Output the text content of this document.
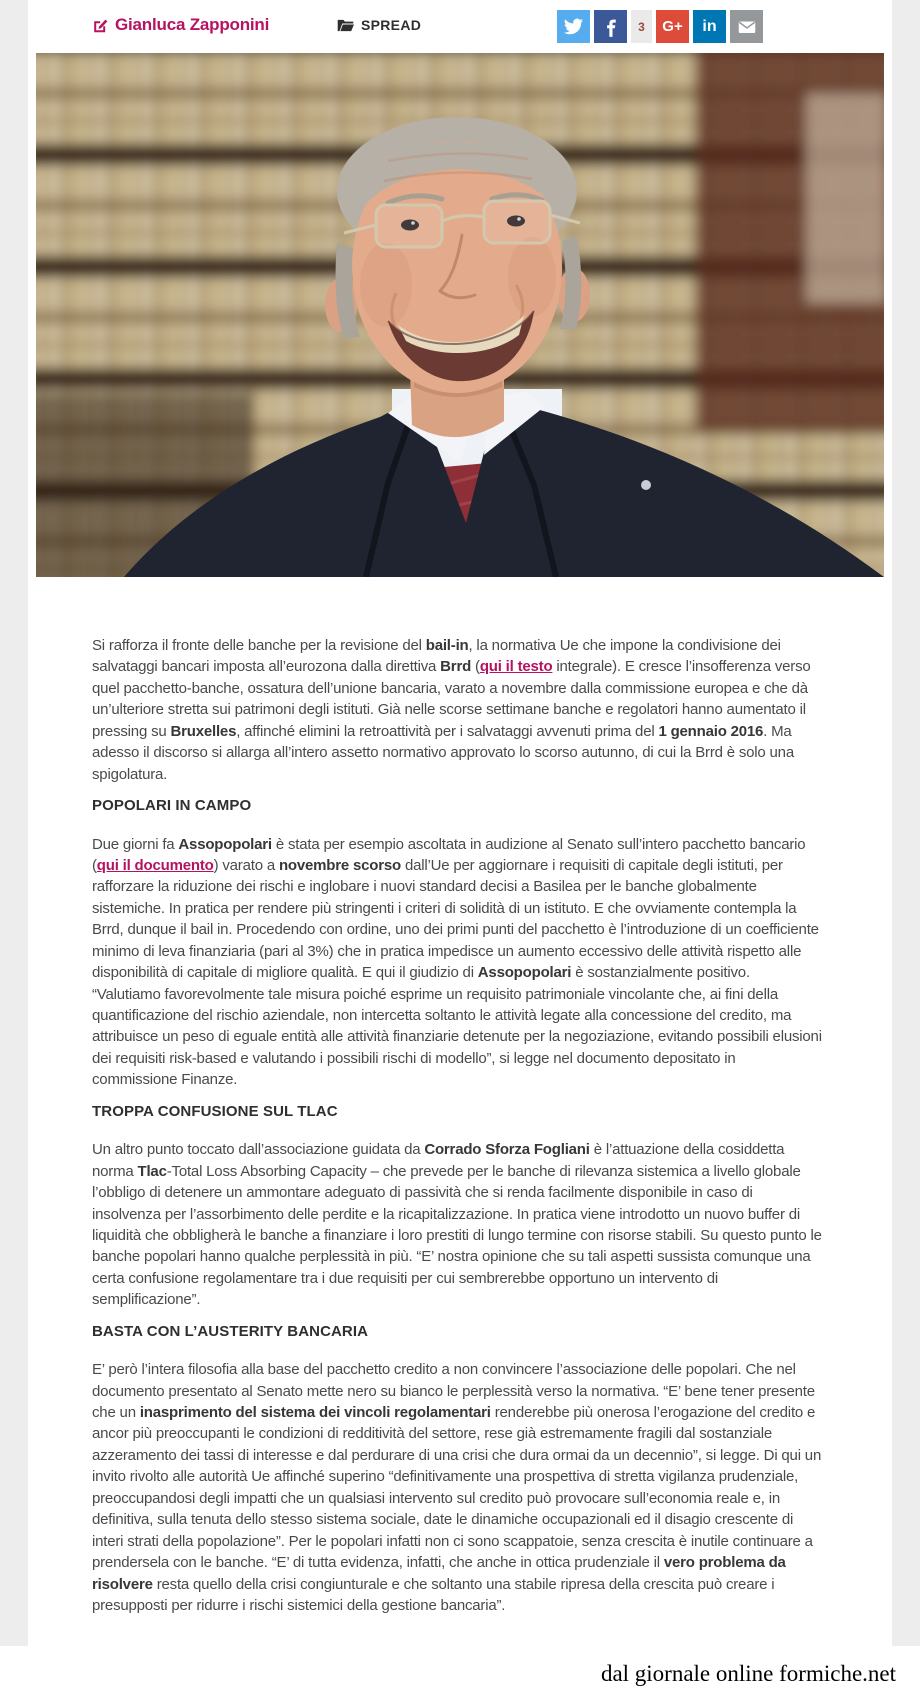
Gianluca Zapponini	SPREAD	3	G+ in

Si rafforza il fronte delle banche per la revisione del bail-in, la normativa Ue che impone la condivisione dei salvataggi bancari imposta all’eurozona dalla direttiva Brrd (qui il testo integrale). E cresce l’insofferenza verso quel pacchetto-banche, ossatura dell’unione bancaria, varato a novembre dalla commissione europea e che dà un’ulteriore stretta sui patrimoni degli istituti. Già nelle scorse settimane banche e regolatori hanno aumentato il pressing su Bruxelles, affinché elimini la retroattività per i salvataggi avvenuti prima del 1 gennaio 2016. Ma adesso il discorso si allarga all’intero assetto normativo approvato lo scorso autunno, di cui la Brrd è solo una spigolatura.

POPOLARI IN CAMPO

Due giorni fa Assopopolari è stata per esempio ascoltata in audizione al Senato sull’intero pacchetto bancario (qui il documento) varato a novembre scorso dall’Ue per aggiornare i requisiti di capitale degli istituti, per rafforzare la riduzione dei rischi e inglobare i nuovi standard decisi a Basilea per le banche globalmente sistemiche. In pratica per rendere più stringenti i criteri di solidità di un istituto. E che ovviamente contempla la Brrd, dunque il bail in. Procedendo con ordine, uno dei primi punti del pacchetto è l’introduzione di un coefficiente minimo di leva finanziaria (pari al 3%) che in pratica impedisce un aumento eccessivo delle attività rispetto alle disponibilità di capitale di migliore qualità. E qui il giudizio di Assopopolari è sostanzialmente positivo. “Valutiamo favorevolmente tale misura poiché esprime un requisito patrimoniale vincolante che, ai fini della quantificazione del rischio aziendale, non intercetta soltanto le attività legate alla concessione del credito, ma attribuisce un peso di eguale entità alle attività finanziarie detenute per la negoziazione, evitando possibili elusioni dei requisiti risk-based e valutando i possibili rischi di modello”, si legge nel documento depositato in commissione Finanze.

TROPPA CONFUSIONE SUL TLAC

Un altro punto toccato dall’associazione guidata da Corrado Sforza Fogliani è l’attuazione della cosiddetta norma Tlac-Total Loss Absorbing Capacity – che prevede per le banche di rilevanza sistemica a livello globale l’obbligo di detenere un ammontare adeguato di passività che si renda facilmente disponibile in caso di insolvenza per l’assorbimento delle perdite e la ricapitalizzazione. In pratica viene introdotto un nuovo buffer di liquidità che obbligherà le banche a finanziare i loro prestiti di lungo termine con risorse stabili. Su questo punto le banche popolari hanno qualche perplessità in più. “E’ nostra opinione che su tali aspetti sussista comunque una certa confusione regolamentare tra i due requisiti per cui sembrerebbe opportuno un intervento di semplificazione”.

BASTA CON L’AUSTERITY BANCARIA

E’ però l’intera filosofia alla base del pacchetto credito a non convincere l’associazione delle popolari. Che nel documento presentato al Senato mette nero su bianco le perplessità verso la normativa. “E’ bene tener presente che un inasprimento del sistema dei vincoli regolamentari renderebbe più onerosa l’erogazione del credito e ancor più preoccupanti le condizioni di redditività del settore, rese già estremamente fragili dal sostanziale azzeramento dei tassi di interesse e dal perdurare di una crisi che dura ormai da un decennio”, si legge. Di qui un invito rivolto alle autorità Ue affinché superino “definitivamente una prospettiva di stretta vigilanza prudenziale, preoccupandosi degli impatti che un qualsiasi intervento sul credito può provocare sull’economia reale e, in definitiva, sulla tenuta dello stesso sistema sociale, date le dinamiche occupazionali ed il disagio crescente di interi strati della popolazione”. Per le popolari infatti non ci sono scappatoie, senza crescita è inutile continuare a prendersela con le banche. “E’ di tutta evidenza, infatti, che anche in ottica prudenziale il vero problema da risolvere resta quello della crisi congiunturale e che soltanto una stabile ripresa della crescita può creare i presupposti per ridurre i rischi sistemici della gestione bancaria”.

dal giornale online formiche.net
